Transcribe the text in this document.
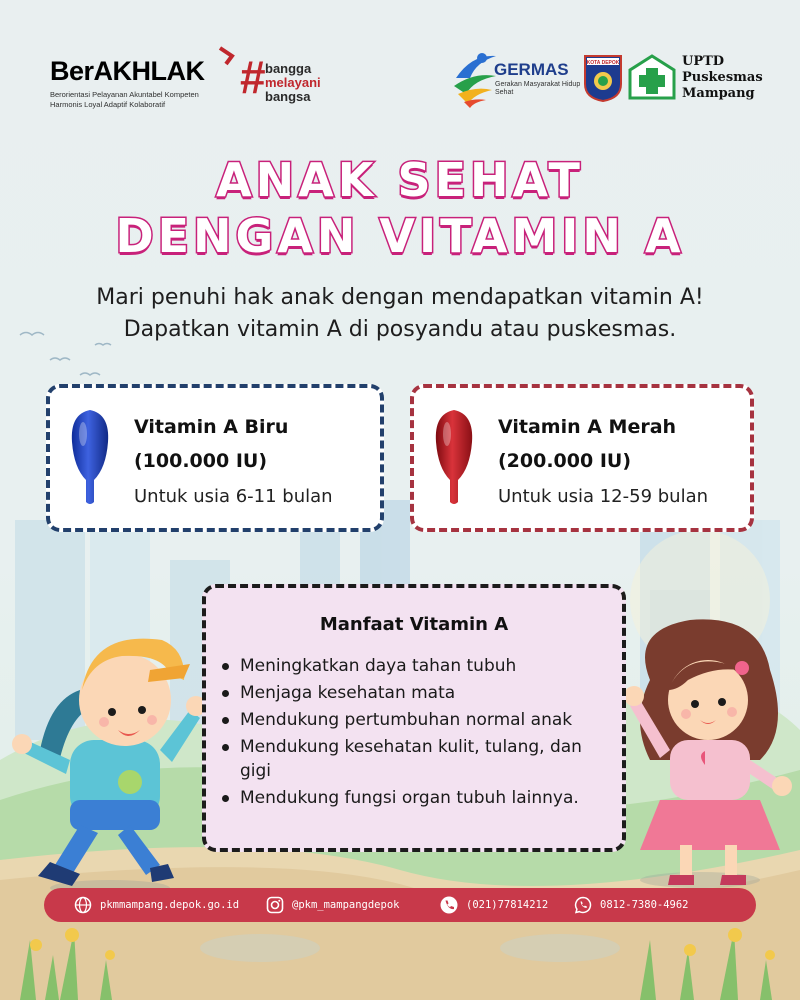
BerAKHLAK
Berorientasi Pelayanan Akuntabel Kompeten
Harmonis Loyal Adaptif Kolaboratif
# bangga
melayani
bangsa
GERMAS
Gerakan Masyarakat Hidup Sehat
KOTA DEPOK	UPTD
Puskesmas
Mampang
ANAK SEHAT
DENGAN VITAMIN A
Mari penuhi hak anak dengan mendapatkan vitamin A!
Dapatkan vitamin A di posyandu atau puskesmas.
Vitamin A Biru
(100.000 IU)
Untuk usia 6-11 bulan
Vitamin A Merah
(200.000 IU)
Untuk usia 12-59 bulan
Manfaat Vitamin A
Meningkatkan daya tahan tubuh
Menjaga kesehatan mata
Mendukung pertumbuhan normal anak
Mendukung kesehatan kulit, tulang, dan gigi
Mendukung fungsi organ tubuh lainnya.
pkmmampang.depok.go.id	@pkm_mampangdepok	(021)77814212	0812-7380-4962
